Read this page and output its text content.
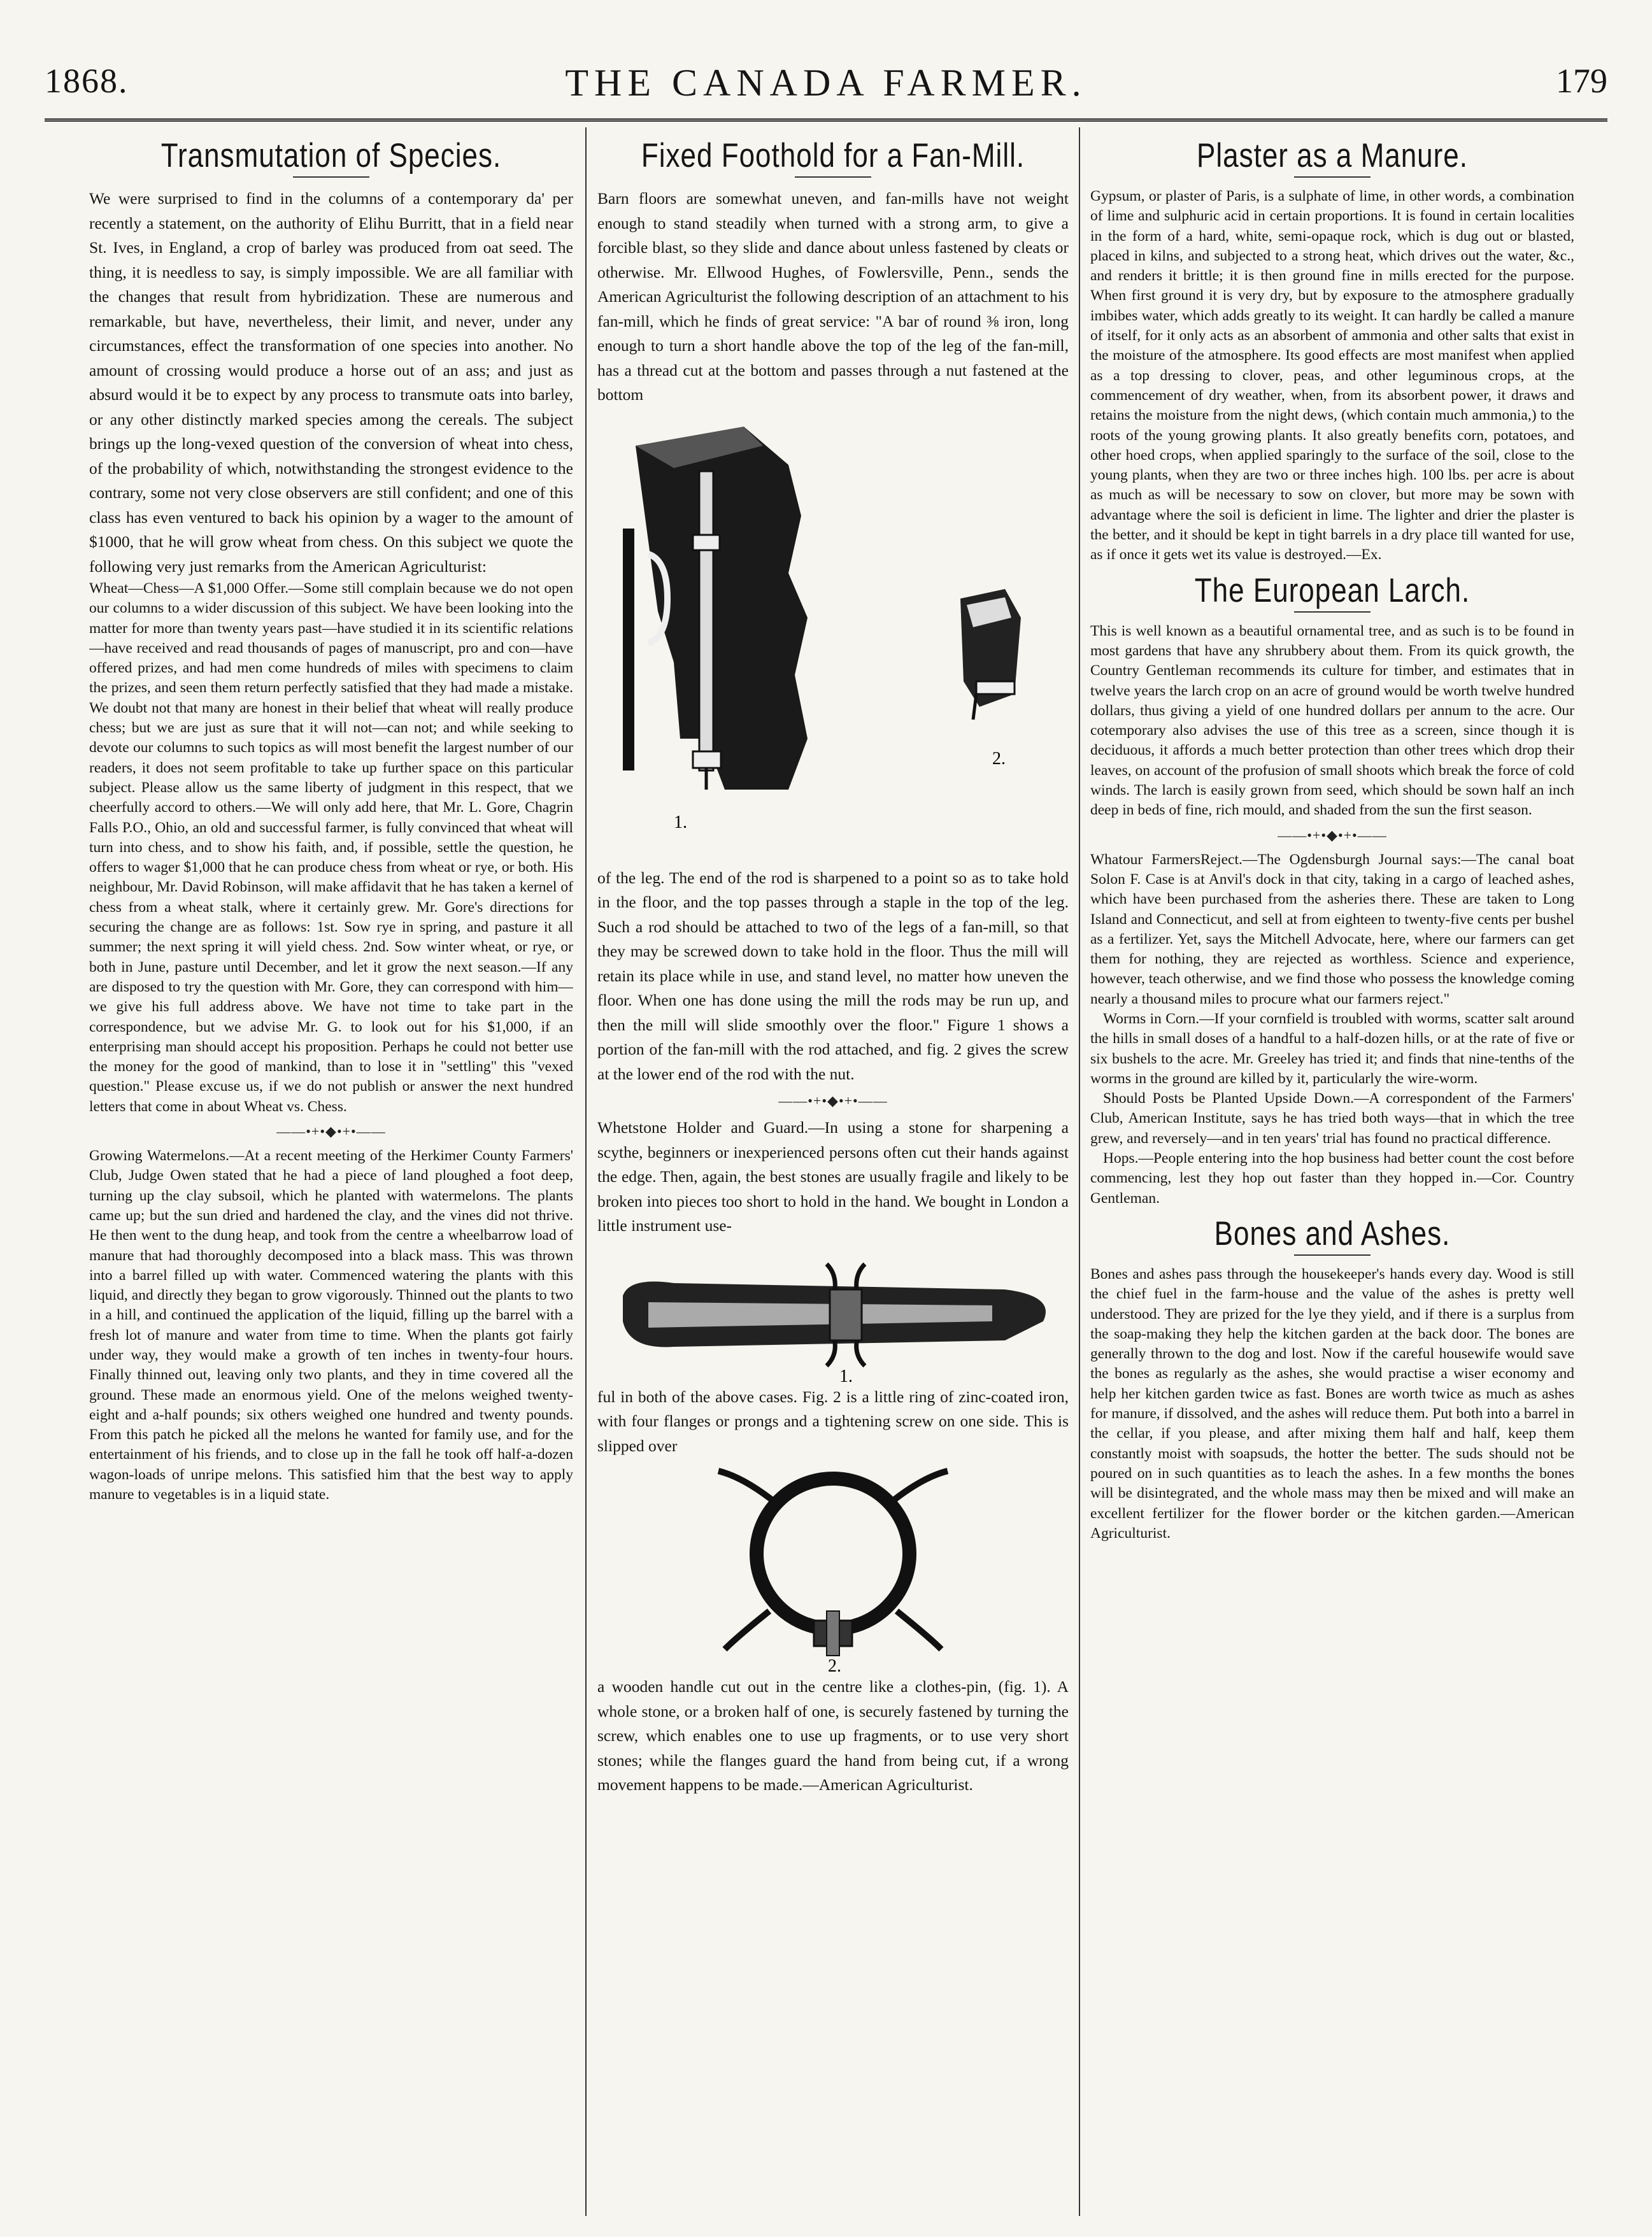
1868.	THE CANADA FARMER.	179
Transmutation of Species.

We were surprised to find in the columns of a contemporary da' per recently a statement, on the authority of Elihu Burritt, that in a field near St. Ives, in England, a crop of barley was produced from oat seed. The thing, it is needless to say, is simply impossible. We are all familiar with the changes that result from hybridization. These are numerous and remarkable, but have, nevertheless, their limit, and never, under any circumstances, effect the transformation of one species into another. No amount of crossing would produce a horse out of an ass; and just as absurd would it be to expect by any process to transmute oats into barley, or any other distinctly marked species among the cereals. The subject brings up the long-vexed question of the conversion of wheat into chess, of the probability of which, notwithstanding the strongest evidence to the contrary, some not very close observers are still confident; and one of this class has even ventured to back his opinion by a wager to the amount of $1000, that he will grow wheat from chess. On this subject we quote the following very just remarks from the American Agriculturist:

Wheat—Chess—A $1,000 Offer.—Some still complain because we do not open our columns to a wider discussion of this subject. We have been looking into the matter for more than twenty years past—have studied it in its scientific relations—have received and read thousands of pages of manuscript, pro and con—have offered prizes, and had men come hundreds of miles with specimens to claim the prizes, and seen them return perfectly satisfied that they had made a mistake. We doubt not that many are honest in their belief that wheat will really produce chess; but we are just as sure that it will not—can not; and while seeking to devote our columns to such topics as will most benefit the largest number of our readers, it does not seem profitable to take up further space on this particular subject. Please allow us the same liberty of judgment in this respect, that we cheerfully accord to others.—We will only add here, that Mr. L. Gore, Chagrin Falls P.O., Ohio, an old and successful farmer, is fully convinced that wheat will turn into chess, and to show his faith, and, if possible, settle the question, he offers to wager $1,000 that he can produce chess from wheat or rye, or both. His neighbour, Mr. David Robinson, will make affidavit that he has taken a kernel of chess from a wheat stalk, where it certainly grew. Mr. Gore's directions for securing the change are as follows: 1st. Sow rye in spring, and pasture it all summer; the next spring it will yield chess. 2nd. Sow winter wheat, or rye, or both in June, pasture until December, and let it grow the next season.—If any are disposed to try the question with Mr. Gore, they can correspond with him—we give his full address above. We have not time to take part in the correspondence, but we advise Mr. G. to look out for his $1,000, if an enterprising man should accept his proposition. Perhaps he could not better use the money for the good of mankind, than to lose it in "settling" this "vexed question." Please excuse us, if we do not publish or answer the next hundred letters that come in about Wheat vs. Chess.

——•+•◆•+•——

Growing Watermelons.—At a recent meeting of the Herkimer County Farmers' Club, Judge Owen stated that he had a piece of land ploughed a foot deep, turning up the clay subsoil, which he planted with watermelons. The plants came up; but the sun dried and hardened the clay, and the vines did not thrive. He then went to the dung heap, and took from the centre a wheelbarrow load of manure that had thoroughly decomposed into a black mass. This was thrown into a barrel filled up with water. Commenced watering the plants with this liquid, and directly they began to grow vigorously. Thinned out the plants to two in a hill, and continued the application of the liquid, filling up the barrel with a fresh lot of manure and water from time to time. When the plants got fairly under way, they would make a growth of ten inches in twenty-four hours. Finally thinned out, leaving only two plants, and they in time covered all the ground. These made an enormous yield. One of the melons weighed twenty-eight and a-half pounds; six others weighed one hundred and twenty pounds. From this patch he picked all the melons he wanted for family use, and for the entertainment of his friends, and to close up in the fall he took off half-a-dozen wagon-loads of unripe melons. This satisfied him that the best way to apply manure to vegetables is in a liquid state.

Fixed Foothold for a Fan-Mill.

Barn floors are somewhat uneven, and fan-mills have not weight enough to stand steadily when turned with a strong arm, to give a forcible blast, so they slide and dance about unless fastened by cleats or otherwise. Mr. Ellwood Hughes, of Fowlersville, Penn., sends the American Agriculturist the following description of an attachment to his fan-mill, which he finds of great service: "A bar of round ⅜ iron, long enough to turn a short handle above the top of the leg of the fan-mill, has a thread cut at the bottom and passes through a nut fastened at the bottom

1.
2.

of the leg. The end of the rod is sharpened to a point so as to take hold in the floor, and the top passes through a staple in the top of the leg. Such a rod should be attached to two of the legs of a fan-mill, so that they may be screwed down to take hold in the floor. Thus the mill will retain its place while in use, and stand level, no matter how uneven the floor. When one has done using the mill the rods may be run up, and then the mill will slide smoothly over the floor." Figure 1 shows a portion of the fan-mill with the rod attached, and fig. 2 gives the screw at the lower end of the rod with the nut.

——•+•◆•+•——

Whetstone Holder and Guard.—In using a stone for sharpening a scythe, beginners or inexperienced persons often cut their hands against the edge. Then, again, the best stones are usually fragile and likely to be broken into pieces too short to hold in the hand. We bought in London a little instrument use-

1.

ful in both of the above cases. Fig. 2 is a little ring of zinc-coated iron, with four flanges or prongs and a tightening screw on one side. This is slipped over

2.

a wooden handle cut out in the centre like a clothes-pin, (fig. 1). A whole stone, or a broken half of one, is securely fastened by turning the screw, which enables one to use up fragments, or to use very short stones; while the flanges guard the hand from being cut, if a wrong movement happens to be made.—American Agriculturist.

Plaster as a Manure.

Gypsum, or plaster of Paris, is a sulphate of lime, in other words, a combination of lime and sulphuric acid in certain proportions. It is found in certain localities in the form of a hard, white, semi-opaque rock, which is dug out or blasted, placed in kilns, and subjected to a strong heat, which drives out the water, &c., and renders it brittle; it is then ground fine in mills erected for the purpose. When first ground it is very dry, but by exposure to the atmosphere gradually imbibes water, which adds greatly to its weight. It can hardly be called a manure of itself, for it only acts as an absorbent of ammonia and other salts that exist in the moisture of the atmosphere. Its good effects are most manifest when applied as a top dressing to clover, peas, and other leguminous crops, at the commencement of dry weather, when, from its absorbent power, it draws and retains the moisture from the night dews, (which contain much ammonia,) to the roots of the young growing plants. It also greatly benefits corn, potatoes, and other hoed crops, when applied sparingly to the surface of the soil, close to the young plants, when they are two or three inches high. 100 lbs. per acre is about as much as will be necessary to sow on clover, but more may be sown with advantage where the soil is deficient in lime. The lighter and drier the plaster is the better, and it should be kept in tight barrels in a dry place till wanted for use, as if once it gets wet its value is destroyed.—Ex.

The European Larch.

This is well known as a beautiful ornamental tree, and as such is to be found in most gardens that have any shrubbery about them. From its quick growth, the Country Gentleman recommends its culture for timber, and estimates that in twelve years the larch crop on an acre of ground would be worth twelve hundred dollars, thus giving a yield of one hundred dollars per annum to the acre. Our cotemporary also advises the use of this tree as a screen, since though it is deciduous, it affords a much better protection than other trees which drop their leaves, on account of the profusion of small shoots which break the force of cold winds. The larch is easily grown from seed, which should be sown half an inch deep in beds of fine, rich mould, and shaded from the sun the first season.

——•+•◆•+•——

Whatour FarmersReject.—The Ogdensburgh Journal says:—The canal boat Solon F. Case is at Anvil's dock in that city, taking in a cargo of leached ashes, which have been purchased from the asheries there. These are taken to Long Island and Connecticut, and sell at from eighteen to twenty-five cents per bushel as a fertilizer. Yet, says the Mitchell Advocate, here, where our farmers can get them for nothing, they are rejected as worthless. Science and experience, however, teach otherwise, and we find those who possess the knowledge coming nearly a thousand miles to procure what our farmers reject."

Worms in Corn.—If your cornfield is troubled with worms, scatter salt around the hills in small doses of a handful to a half-dozen hills, or at the rate of five or six bushels to the acre. Mr. Greeley has tried it; and finds that nine-tenths of the worms in the ground are killed by it, particularly the wire-worm.

Should Posts be Planted Upside Down.—A correspondent of the Farmers' Club, American Institute, says he has tried both ways—that in which the tree grew, and reversely—and in ten years' trial has found no practical difference.

Hops.—People entering into the hop business had better count the cost before commencing, lest they hop out faster than they hopped in.—Cor. Country Gentleman.

Bones and Ashes.

Bones and ashes pass through the housekeeper's hands every day. Wood is still the chief fuel in the farm-house and the value of the ashes is pretty well understood. They are prized for the lye they yield, and if there is a surplus from the soap-making they help the kitchen garden at the back door. The bones are generally thrown to the dog and lost. Now if the careful housewife would save the bones as regularly as the ashes, she would practise a wiser economy and help her kitchen garden twice as fast. Bones are worth twice as much as ashes for manure, if dissolved, and the ashes will reduce them. Put both into a barrel in the cellar, if you please, and after mixing them half and half, keep them constantly moist with soapsuds, the hotter the better. The suds should not be poured on in such quantities as to leach the ashes. In a few months the bones will be disintegrated, and the whole mass may then be mixed and will make an excellent fertilizer for the flower border or the kitchen garden.—American Agriculturist.
